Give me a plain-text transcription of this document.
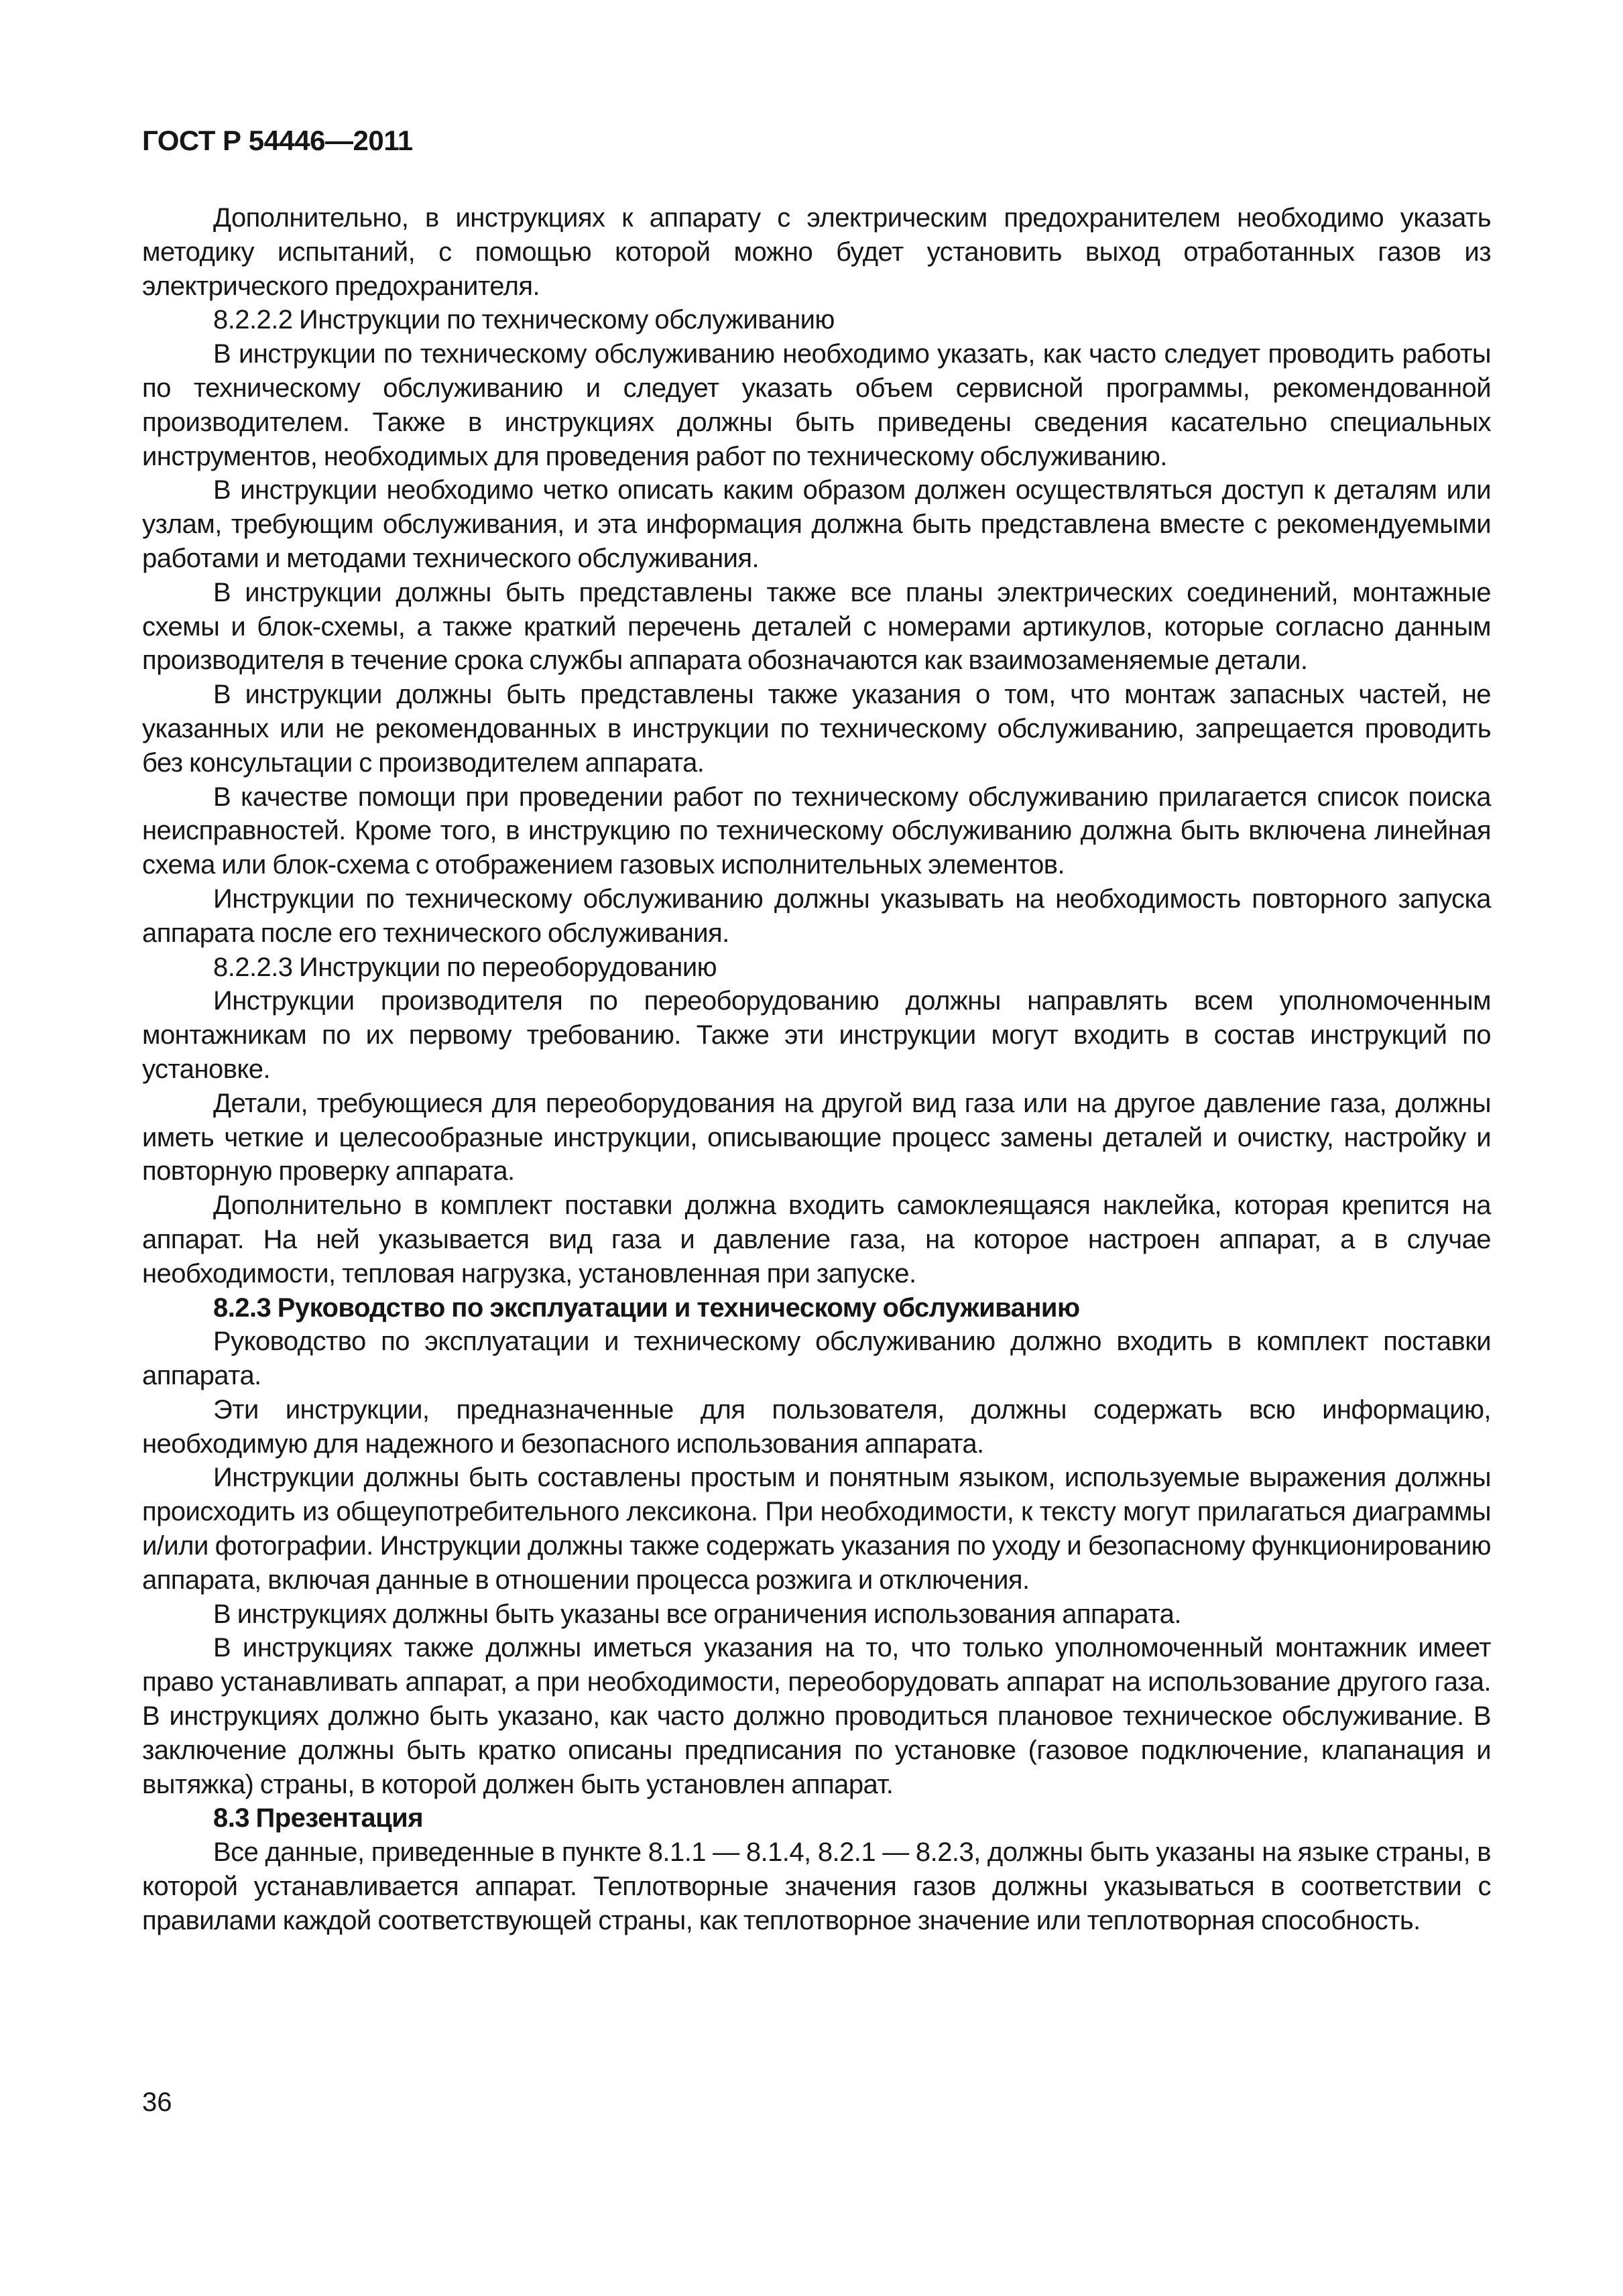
ГОСТ Р 54446—2011

Дополнительно, в инструкциях к аппарату с электрическим предохранителем необходимо указать методику испытаний, с помощью которой можно будет установить выход отработанных газов из электрического предохранителя.

8.2.2.2 Инструкции по техническому обслуживанию

В инструкции по техническому обслуживанию необходимо указать, как часто следует проводить работы по техническому обслуживанию и следует указать объем сервисной программы, рекомендованной производителем. Также в инструкциях должны быть приведены сведения касательно специальных инструментов, необходимых для проведения работ по техническому обслуживанию.

В инструкции необходимо четко описать каким образом должен осуществляться доступ к деталям или узлам, требующим обслуживания, и эта информация должна быть представлена вместе с рекомендуемыми работами и методами технического обслуживания.

В инструкции должны быть представлены также все планы электрических соединений, монтажные схемы и блок-схемы, а также краткий перечень деталей с номерами артикулов, которые согласно данным производителя в течение срока службы аппарата обозначаются как взаимозаменяемые детали.

В инструкции должны быть представлены также указания о том, что монтаж запасных частей, не указанных или не рекомендованных в инструкции по техническому обслуживанию, запрещается проводить без консультации с производителем аппарата.

В качестве помощи при проведении работ по техническому обслуживанию прилагается список поиска неисправностей. Кроме того, в инструкцию по техническому обслуживанию должна быть включена линейная схема или блок-схема с отображением газовых исполнительных элементов.

Инструкции по техническому обслуживанию должны указывать на необходимость повторного запуска аппарата после его технического обслуживания.

8.2.2.3 Инструкции по переоборудованию

Инструкции производителя по переоборудованию должны направлять всем уполномоченным монтажникам по их первому требованию. Также эти инструкции могут входить в состав инструкций по установке.

Детали, требующиеся для переоборудования на другой вид газа или на другое давление газа, должны иметь четкие и целесообразные инструкции, описывающие процесс замены деталей и очистку, настройку и повторную проверку аппарата.

Дополнительно в комплект поставки должна входить самоклеящаяся наклейка, которая крепится на аппарат. На ней указывается вид газа и давление газа, на которое настроен аппарат, а в случае необходимости, тепловая нагрузка, установленная при запуске.

8.2.3 Руководство по эксплуатации и техническому обслуживанию

Руководство по эксплуатации и техническому обслуживанию должно входить в комплект поставки аппарата.

Эти инструкции, предназначенные для пользователя, должны содержать всю информацию, необходимую для надежного и безопасного использования аппарата.

Инструкции должны быть составлены простым и понятным языком, используемые выражения должны происходить из общеупотребительного лексикона. При необходимости, к тексту могут прилагаться диаграммы и/или фотографии. Инструкции должны также содержать указания по уходу и безопасному функционированию аппарата, включая данные в отношении процесса розжига и отключения.

В инструкциях должны быть указаны все ограничения использования аппарата.

В инструкциях также должны иметься указания на то, что только уполномоченный монтажник имеет право устанавливать аппарат, а при необходимости, переоборудовать аппарат на использование другого газа. В инструкциях должно быть указано, как часто должно проводиться плановое техническое обслуживание. В заключение должны быть кратко описаны предписания по установке (газовое подключение, клапанация и вытяжка) страны, в которой должен быть установлен аппарат.

8.3 Презентация

Все данные, приведенные в пункте 8.1.1 — 8.1.4, 8.2.1 — 8.2.3, должны быть указаны на языке страны, в которой устанавливается аппарат. Теплотворные значения газов должны указываться в соответствии с правилами каждой соответствующей страны, как теплотворное значение или теплотворная способность.

36
